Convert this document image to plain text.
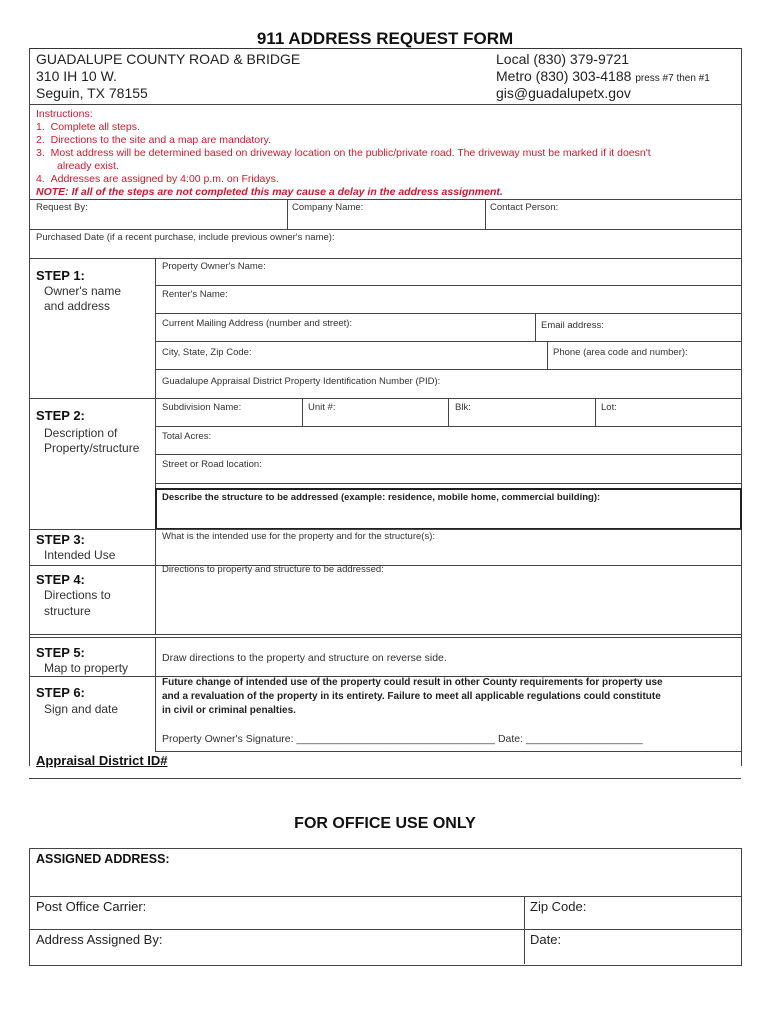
911 ADDRESS REQUEST FORM
GUADALUPE COUNTY ROAD & BRIDGE
310 IH 10 W.
Seguin, TX 78155
Local (830) 379-9721
Metro (830) 303-4188 press #7 then #1
gis@guadalupetx.gov
Instructions:
1. Complete all steps.
2. Directions to the site and a map are mandatory.
3. Most address will be determined based on driveway location on the public/private road. The driveway must be marked if it doesn't
already exist.
4. Addresses are assigned by 4:00 p.m. on Fridays.
NOTE: If all of the steps are not completed this may cause a delay in the address assignment.
Request By:	Company Name:	Contact Person:
Purchased Date (if a recent purchase, include previous owner's name):
STEP 1:
Owner's name
and address
Property Owner's Name:
Renter's Name:
Current Mailing Address (number and street):	Email address:
City, State, Zip Code:	Phone (area code and number):
Guadalupe Appraisal District Property Identification Number (PID):
STEP 2:
Description of
Property/structure
Subdivision Name:	Unit #:	Blk:	Lot:
Total Acres:
Street or Road location:
Describe the structure to be addressed (example: residence, mobile home, commercial building):
STEP 3:
Intended Use
What is the intended use for the property and for the structure(s):
STEP 4:
Directions to
structure
Directions to property and structure to be addressed:
STEP 5:
Map to property
Draw directions to the property and structure on reverse side.
STEP 6:
Sign and date
Future change of intended use of the property could result in other County requirements for property use
and a revaluation of the property in its entirety. Failure to meet all applicable regulations could constitute
in civil or criminal penalties.
Property Owner's Signature: __________________________________ Date: ____________________
Appraisal District ID#
FOR OFFICE USE ONLY
ASSIGNED ADDRESS:
Post Office Carrier:	Zip Code:
Address Assigned By:	Date:
